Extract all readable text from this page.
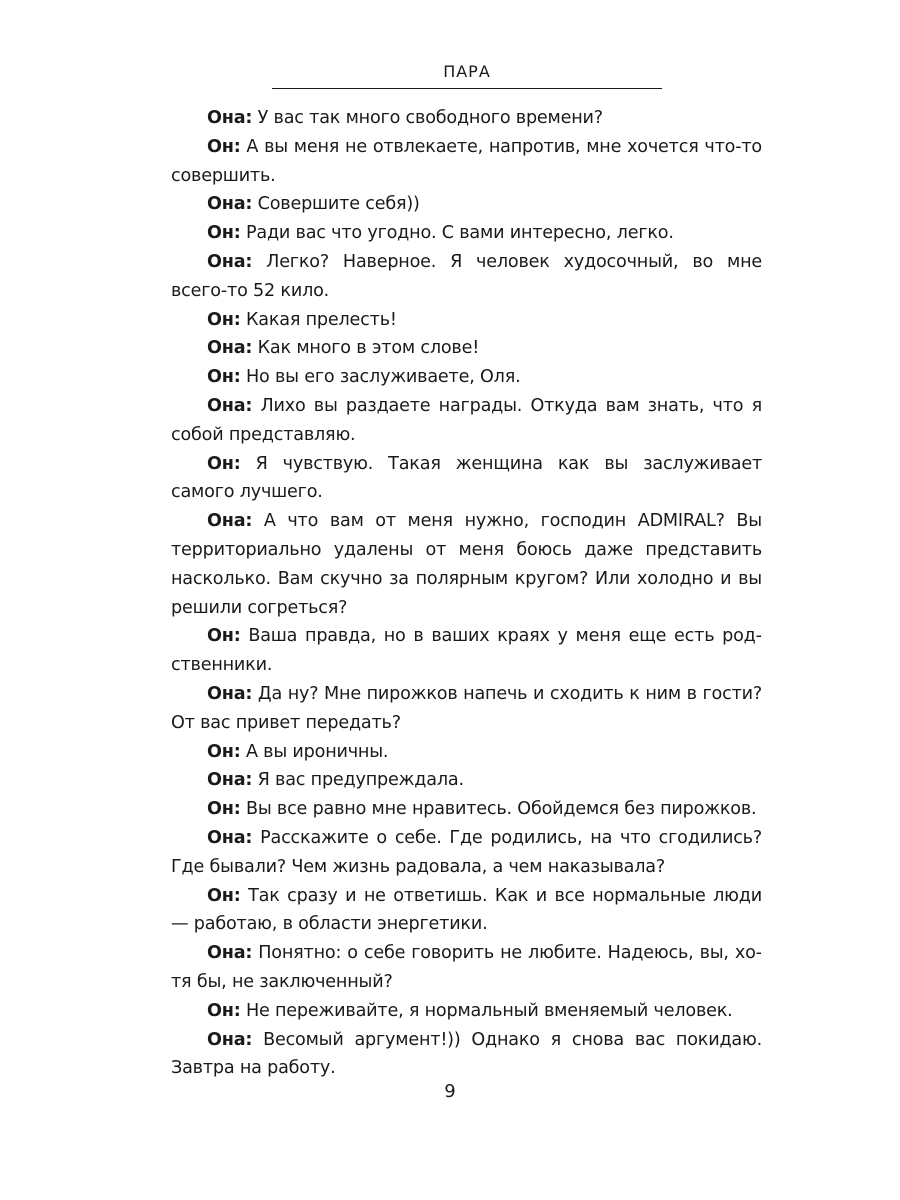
ПАРА

Она: У вас так много свободного времени?

Он: А вы меня не отвлекаете, напротив, мне хочется что-то совершить.

Она: Совершите себя))

Он: Ради вас что угодно. С вами интересно, легко.

Она: Легко? Наверное. Я человек худосочный, во мне всего-то 52 кило.

Он: Какая прелесть!

Она: Как много в этом слове!

Он: Но вы его заслуживаете, Оля.

Она: Лихо вы раздаете награды. Откуда вам знать, что я собой представляю.

Он: Я чувствую. Такая женщина как вы заслуживает самого лучшего.

Она: А что вам от меня нужно, господин ADMIRAL? Вы территориально удалены от меня боюсь даже представить насколько. Вам скучно за полярным кругом? Или холодно и вы решили согреться?

Он: Ваша правда, но в ваших краях у меня еще есть родственники.

Она: Да ну? Мне пирожков напечь и сходить к ним в гости? От вас привет передать?

Он: А вы ироничны.

Она: Я вас предупреждала.

Он: Вы все равно мне нравитесь. Обойдемся без пирожков.

Она: Расскажите о себе. Где родились, на что сгодились? Где бывали? Чем жизнь радовала, а чем наказывала?

Он: Так сразу и не ответишь. Как и все нормальные люди — работаю, в области энергетики.

Она: Понятно: о себе говорить не любите. Надеюсь, вы, хотя бы, не заключенный?

Он: Не переживайте, я нормальный вменяемый человек.

Она: Весомый аргумент!)) Однако я снова вас покидаю. Завтра на работу.

9
